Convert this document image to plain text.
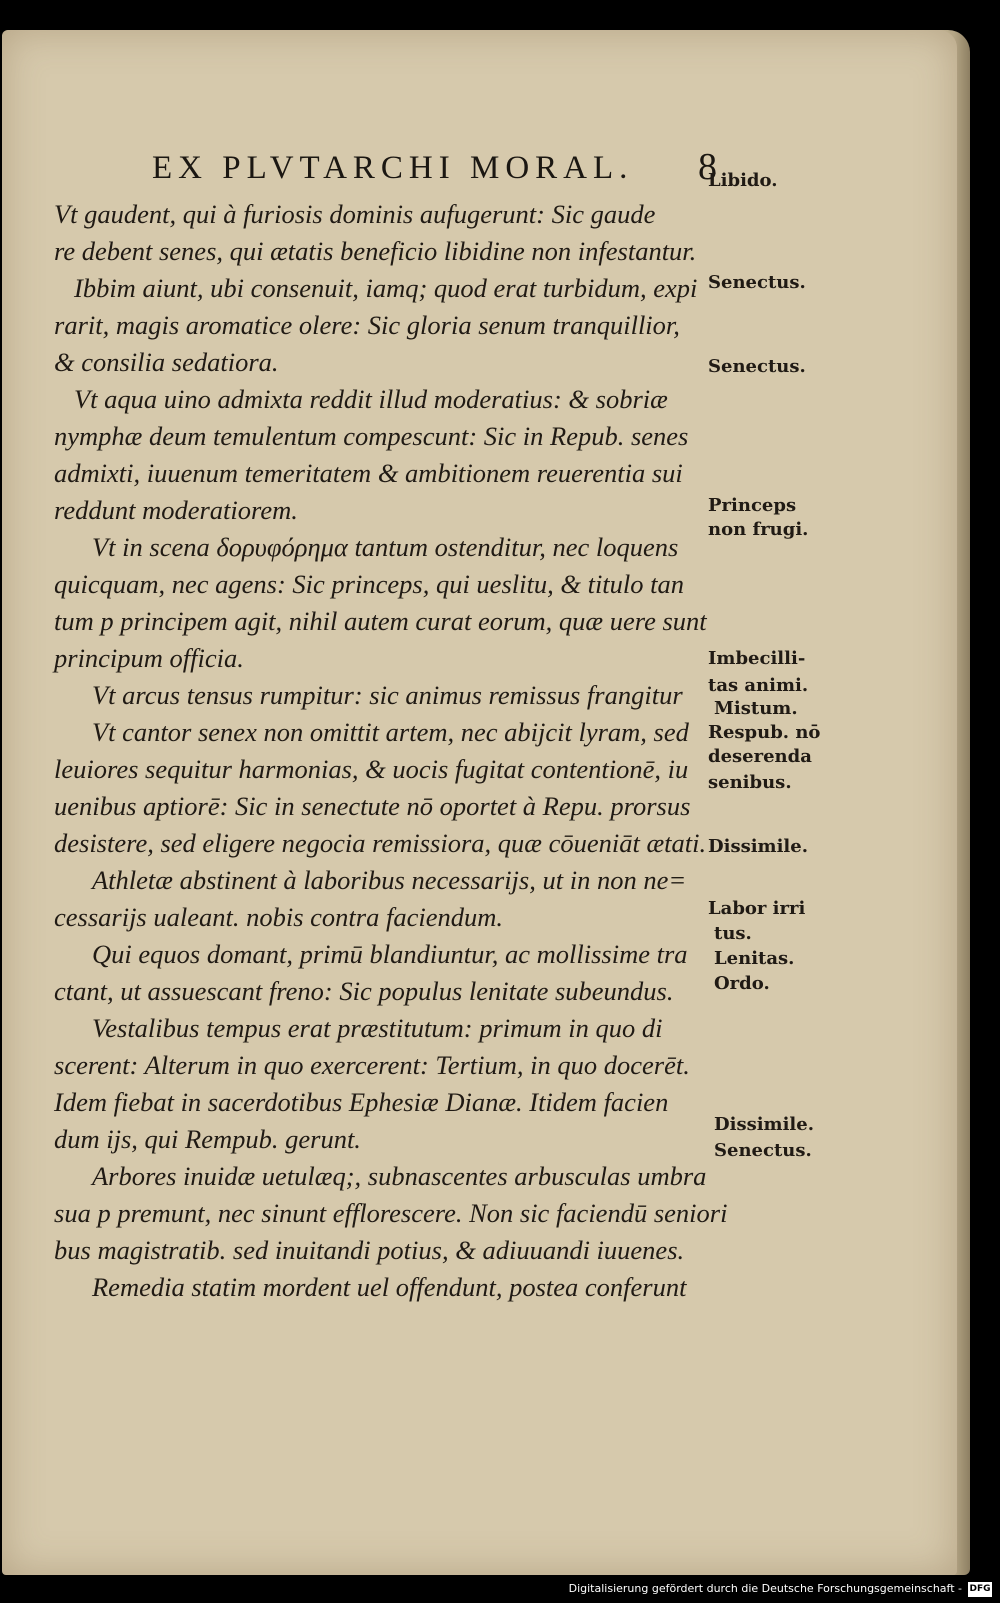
EX PLVTARCHI MORAL. 8
Vt gaudent, qui à furiosis dominis aufugerunt: Sic gaude
re debent senes, qui ætatis beneficio libidine non infestantur.
Ibbim aiunt, ubi consenuit, iamq; quod erat turbidum, expi
rarit, magis aromatice olere: Sic gloria senum tranquillior,
& consilia sedatiora.
Vt aqua uino admixta reddit illud moderatius: & sobriæ
nymphæ deum temulentum compescunt: Sic in Repub. senes
admixti, iuuenum temeritatem & ambitionem reuerentia sui
reddunt moderatiorem.
Vt in scena δορυφόρημα tantum ostenditur, nec loquens
quicquam, nec agens: Sic princeps, qui ueslitu, & titulo tan
tum p principem agit, nihil autem curat eorum, quæ uere sunt
principum officia.
Vt arcus tensus rumpitur: sic animus remissus frangitur
Vt cantor senex non omittit artem, nec abijcit lyram, sed
leuiores sequitur harmonias, & uocis fugitat contentionē, iu
uenibus aptiorē: Sic in senectute nō oportet à Repu. prorsus
desistere, sed eligere negocia remissiora, quæ cōueniāt ætati.
Athletæ abstinent à laboribus necessarijs, ut in non ne=
cessarijs ualeant. nobis contra faciendum.
Qui equos domant, primū blandiuntur, ac mollissime tra
ctant, ut assuescant freno: Sic populus lenitate subeundus.
Vestalibus tempus erat præstitutum: primum in quo di
scerent: Alterum in quo exercerent: Tertium, in quo docerēt.
Idem fiebat in sacerdotibus Ephesiæ Dianæ. Itidem facien
dum ijs, qui Rempub. gerunt.
Arbores inuidæ uetulæq;, subnascentes arbusculas umbra
sua p premunt, nec sinunt efflorescere. Non sic faciendū seniori
bus magistratib. sed inuitandi potius, & adiuuandi iuuenes.
Remedia statim mordent uel offendunt, postea conferunt
Libido.
Senectus.
Senectus.
Princeps
non frugi.
Imbecilli-
tas animi.
Mistum.
Respub. nō
deserenda
senibus.
Dissimile.
Labor irri
tus.
Lenitas.
Ordo.
Dissimile.
Senectus.
Digitalisierung gefördert durch die Deutsche Forschungsgemeinschaft - DFG
